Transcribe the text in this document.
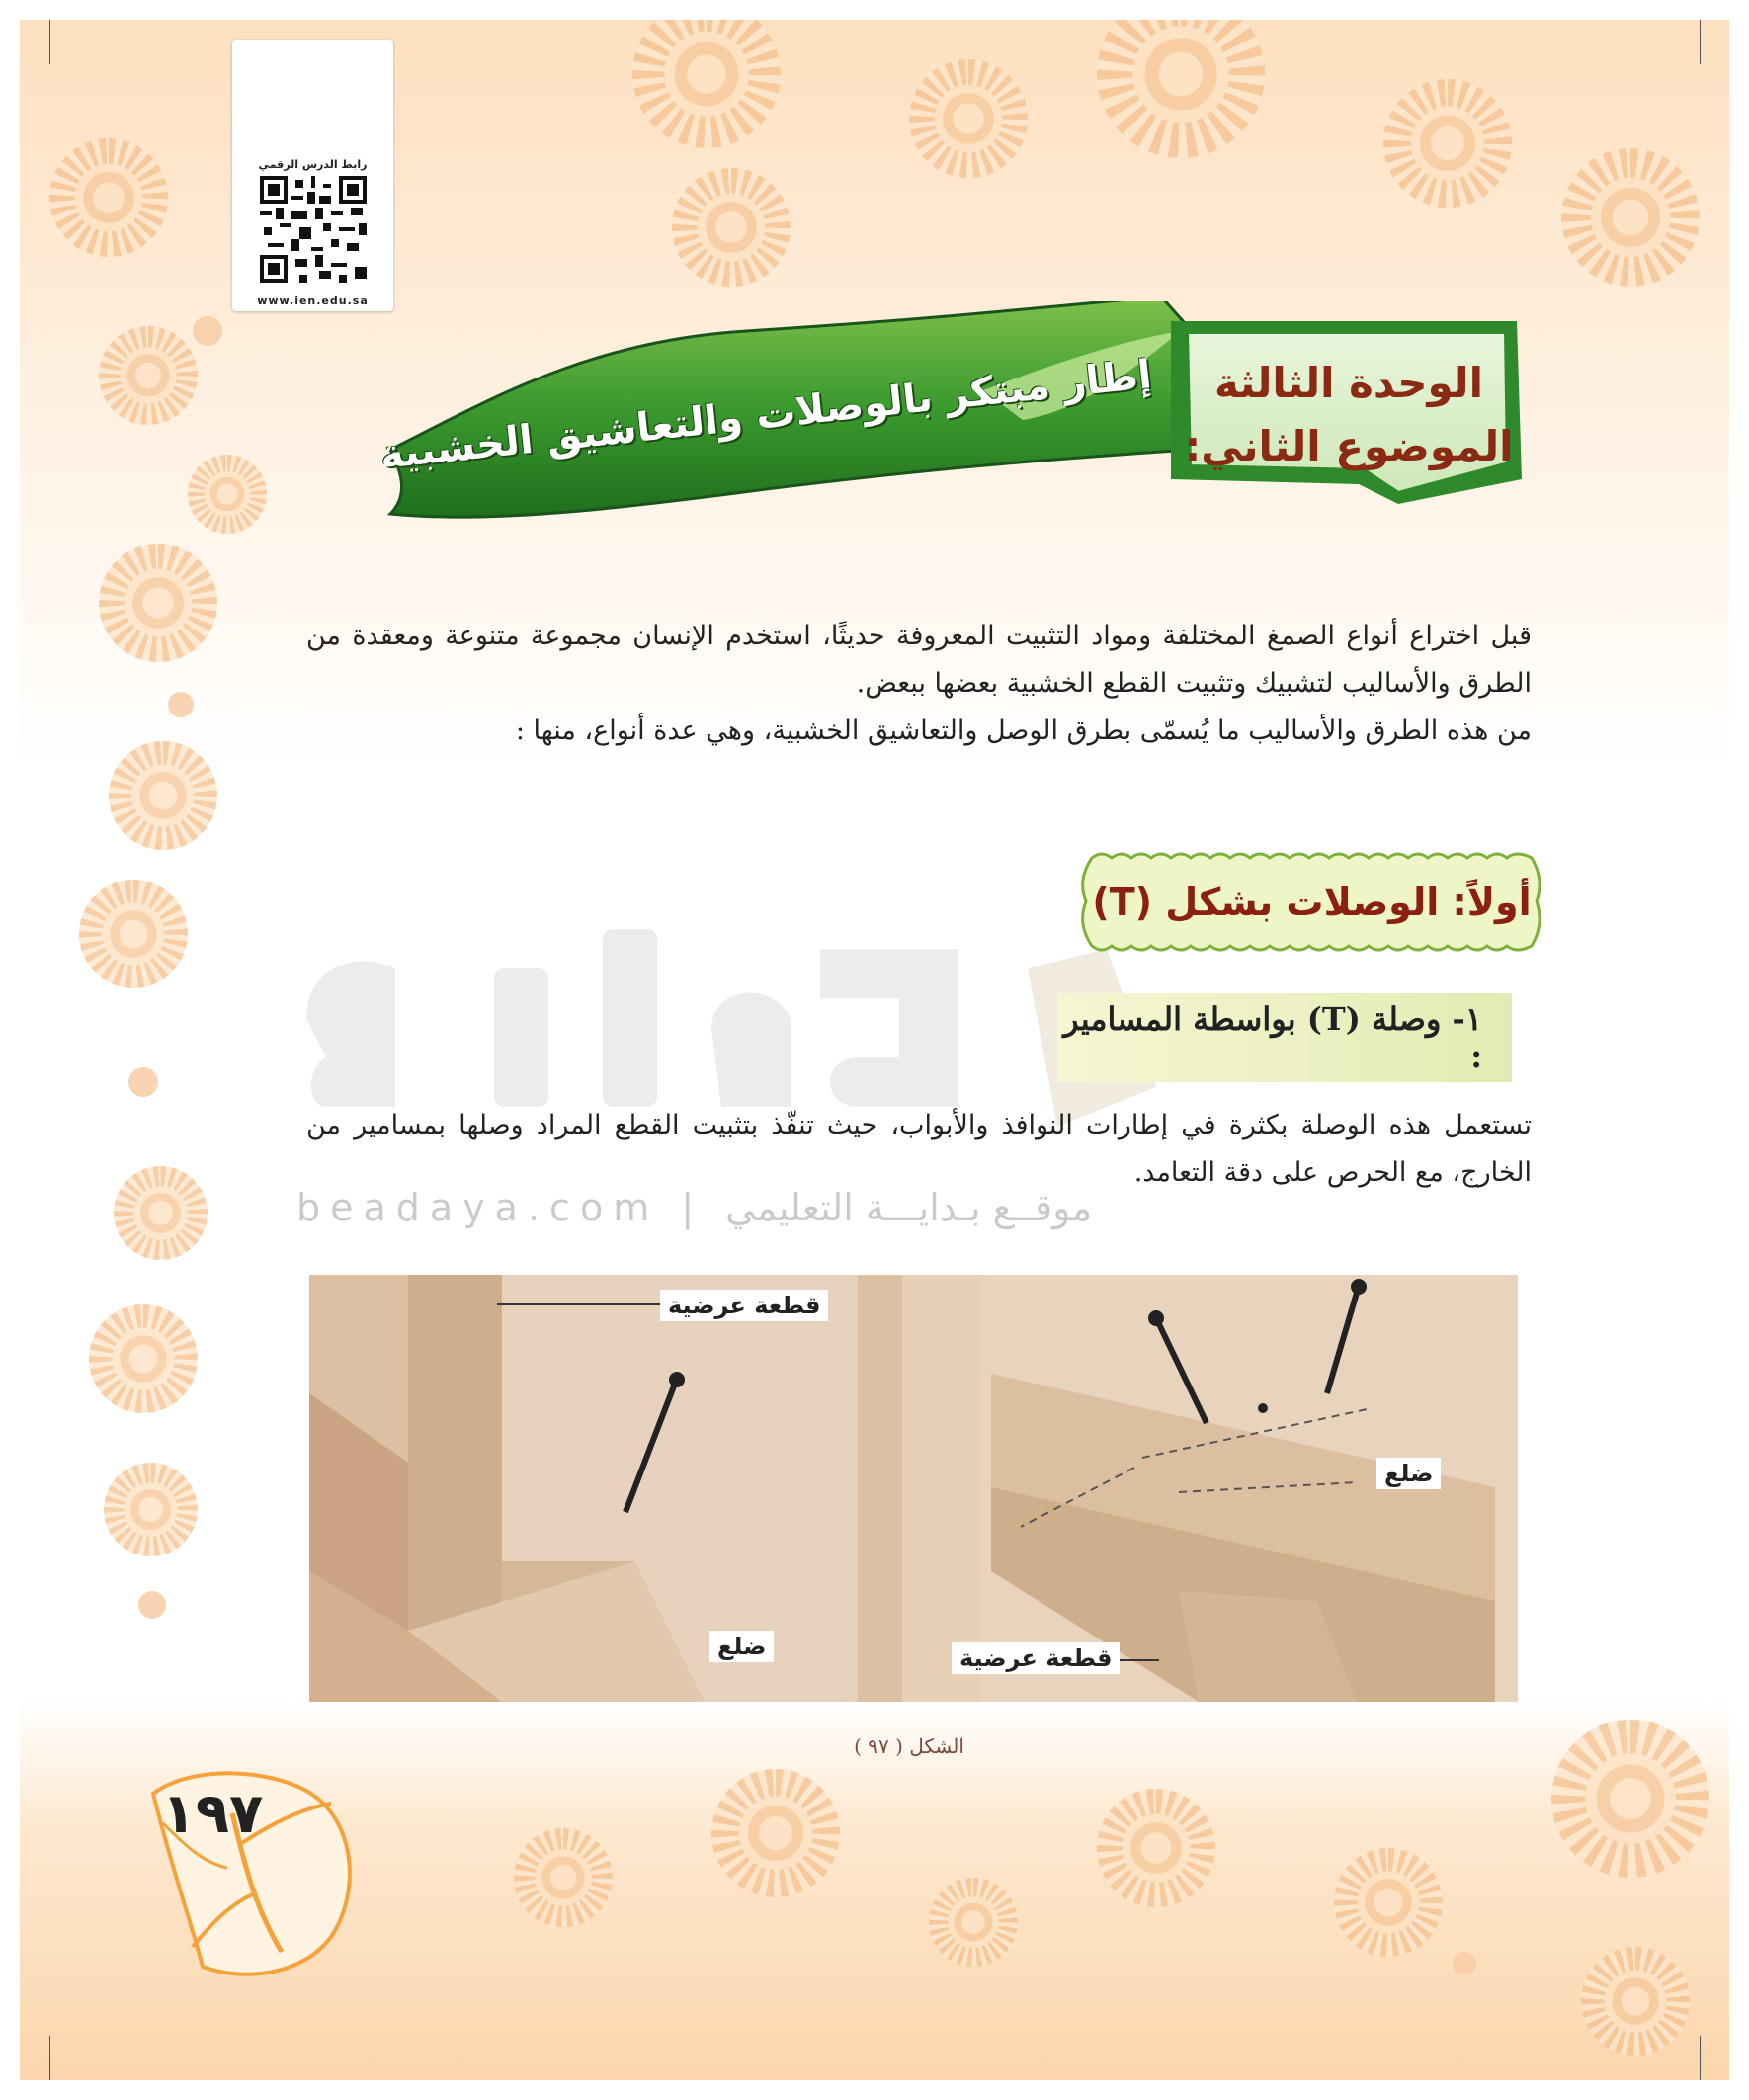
رابط الدرس الرقمي
www.ien.edu.sa
إطار مبتكر بالوصلات والتعاشيق الخشبية	الوحدة الثالثة
الموضوع الثاني:
قبل اختراع أنواع الصمغ المختلفة ومواد التثبيت المعروفة حديثًا، استخدم الإنسان مجموعة متنوعة ومعقدة من الطرق والأساليب لتشبيك وتثبيت القطع الخشبية بعضها ببعض.
من هذه الطرق والأساليب ما يُسمّى بطرق الوصل والتعاشيق الخشبية، وهي عدة أنواع، منها :
beadaya.com | موقــع بـدايـــة التعليمي
أولاً: الوصلات بشكل (T)
١- وصلة (T) بواسطة المسامير :
تستعمل هذه الوصلة بكثرة في إطارات النوافذ والأبواب، حيث تنفّذ بتثبيت القطع المراد وصلها بمسامير من الخارج، مع الحرص على دقة التعامد.
قطعة عرضية
ضلع
ضلع
قطعة عرضية
الشكل ( ٩٧ )
١٩٧
